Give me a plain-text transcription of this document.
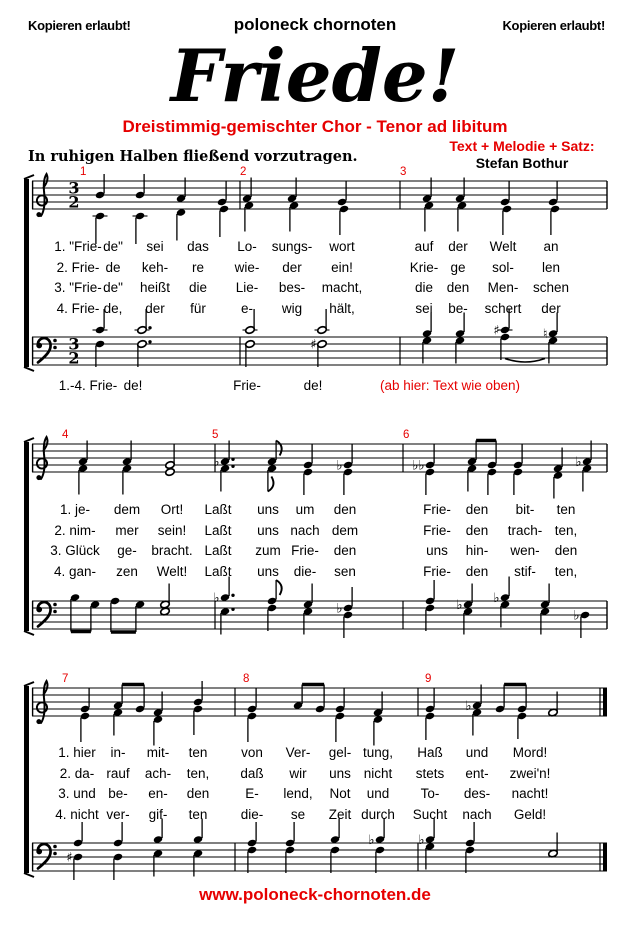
Kopieren erlaubt!	poloneck chornoten	Kopieren erlaubt!
Friede!
Dreistimmig-gemischter Chor - Tenor ad libitum
In ruhigen Halben fließend vorzutragen.
Text + Melodie + Satz:
Stefan Bothur
3
2
1	2	3
3
2
♯	♮
♯
4	5	6
♭	♭	♭♭	♭
♭
♭	♭ ♭
♭
7	8	9
♭
♭	♭
♯
1. "Frie- de" sei das Lo- sungs- wort	auf der Welt an
2. Frie- de keh- re wie- der ein!	Krie- ge sol- len
3. "Frie- de" heißt die Lie- bes- macht,	die den Men- schen
4. Frie- de, der für	e- wig hält,	sei be- schert der
1.-4. Frie- de!	Frie-	de!	(ab hier: Text wie oben)
1. je- dem Ort! Laßt uns um den	Frie- den bit- ten
2. nim- mer sein! Laßt uns nach dem	Frie- den trach- ten,
3. Glück ge- bracht. Laßt zum Frie- den	uns hin- wen- den
4. gan- zen Welt! Laßt uns die- sen	Frie- den stif- ten,
1. hier in- mit- ten von Ver- gel- tung, Haß und Mord!
2. da- rauf ach- ten, daß wir uns nicht stets ent- zwei'n!
3. und be- en- den	E- lend, Not und To- des- nacht!
4. nicht ver- gif- ten die- se Zeit durch Sucht nach Geld!
www.poloneck-chornoten.de
